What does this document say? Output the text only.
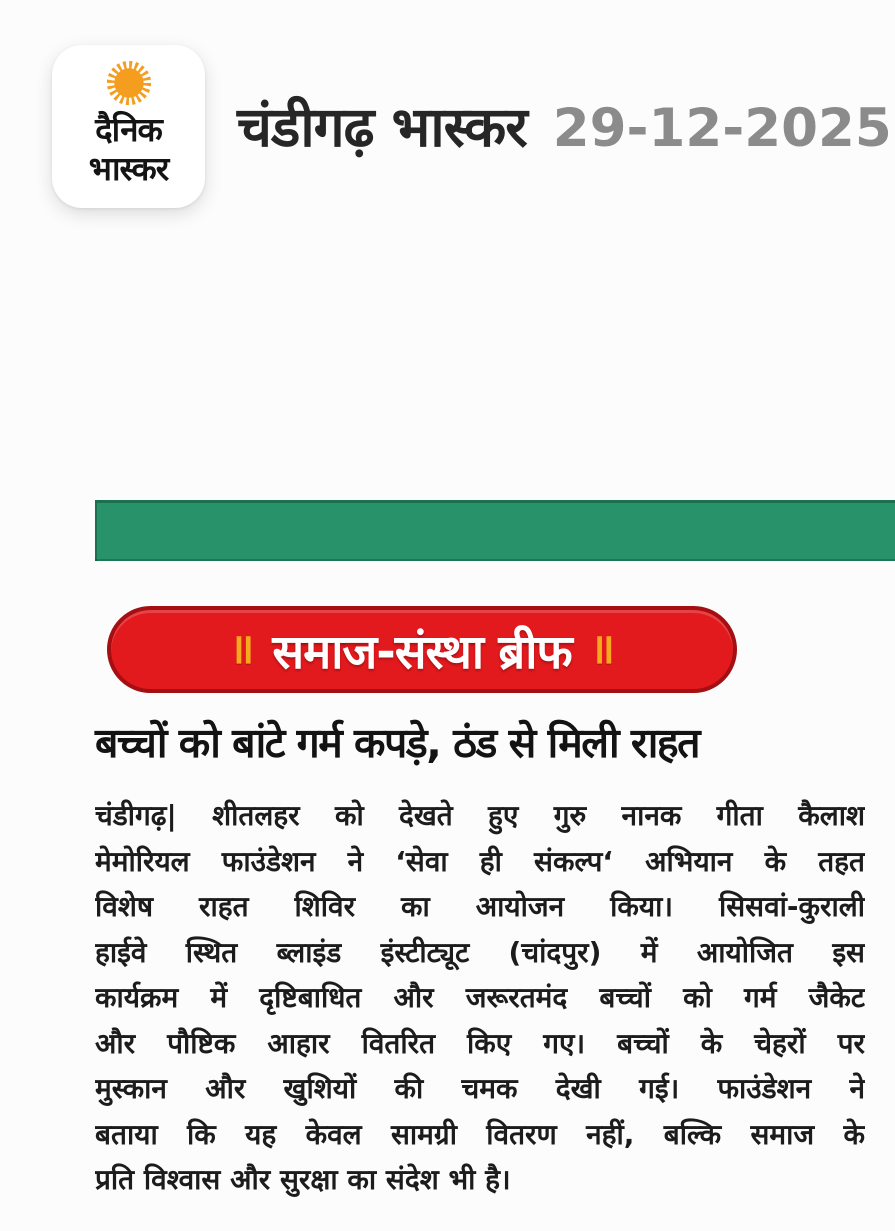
दैनिक
भास्कर
चंडीगढ़ भास्कर 29-12-2025
॥ समाज-संस्था ब्रीफ ॥
बच्चों को बांटे गर्म कपड़े, ठंड से मिली राहत
चंडीगढ़| शीतलहर को देखते हुए गुरु नानक गीता कैलाश
मेमोरियल फाउंडेशन ने ‘सेवा ही संकल्प‘ अभियान के तहत
विशेष राहत शिविर का आयोजन किया। सिसवां-कुराली
हाईवे स्थित ब्लाइंड इंस्टीट्यूट (चांदपुर) में आयोजित इस
कार्यक्रम में दृष्टिबाधित और जरूरतमंद बच्चों को गर्म जैकेट
और पौष्टिक आहार वितरित किए गए। बच्चों के चेहरों पर
मुस्कान और खुशियों की चमक देखी गई। फाउंडेशन ने
बताया कि यह केवल सामग्री वितरण नहीं, बल्कि समाज के
प्रति विश्वास और सुरक्षा का संदेश भी है।
